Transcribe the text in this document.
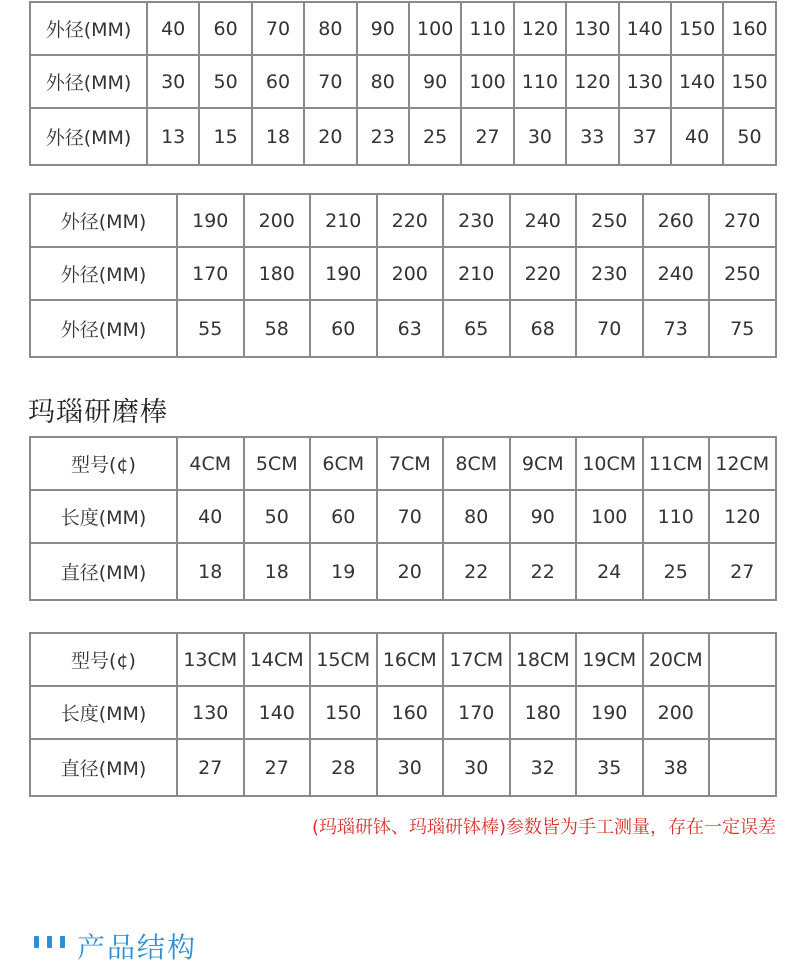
外径(MM)	40	60	70	80	90	100	110	120	130	140	150	160
外径(MM)	30	50	60	70	80	90	100	110	120	130	140	150
外径(MM)	13	15	18	20	23	25	27	30	33	37	40	50
外径(MM)	190	200	210	220	230	240	250	260	270
外径(MM)	170	180	190	200	210	220	230	240	250
外径(MM)	55	58	60	63	65	68	70	73	75
玛瑙研磨棒
型号(¢)	4CM	5CM	6CM	7CM	8CM	9CM	10CM	11CM	12CM
长度(MM)	40	50	60	70	80	90	100	110	120
直径(MM)	18	18	19	20	22	22	24	25	27
型号(¢)	13CM	14CM	15CM	16CM	17CM	18CM	19CM	20CM	
长度(MM)	130	140	150	160	170	180	190	200	
直径(MM)	27	27	28	30	30	32	35	38	
(玛瑙研钵、玛瑙研钵棒)参数皆为手工测量，存在一定误差
产品结构
